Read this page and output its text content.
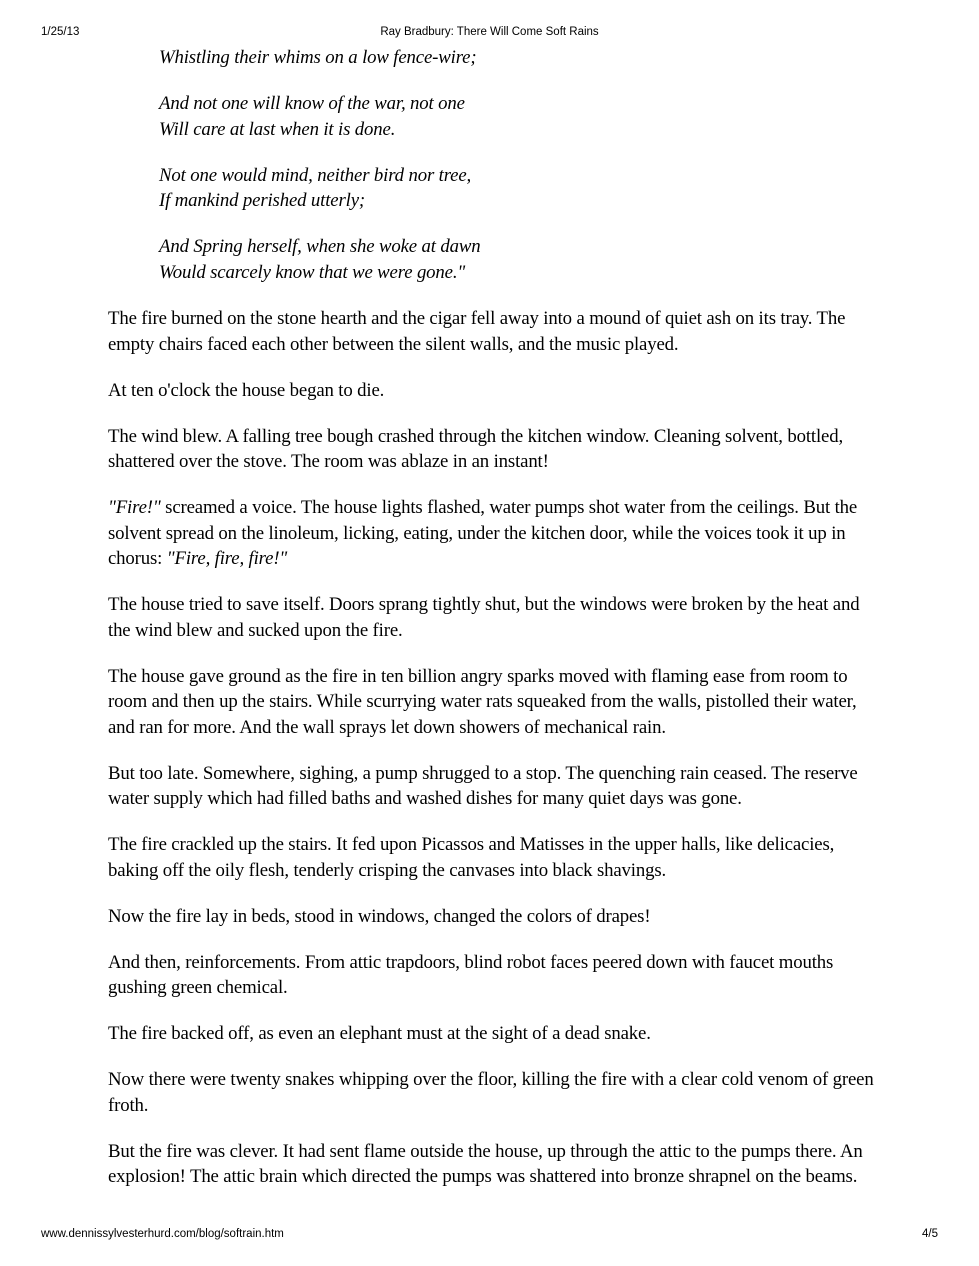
Ray Bradbury: There Will Come Soft Rains
1/25/13
Whistling their whims on a low fence-wire;
And not one will know of the war, not one
Will care at last when it is done.
Not one would mind, neither bird nor tree,
If mankind perished utterly;
And Spring herself, when she woke at dawn
Would scarcely know that we were gone."

The fire burned on the stone hearth and the cigar fell away into a mound of quiet ash on its tray. The empty chairs faced each other between the silent walls, and the music played.

At ten o'clock the house began to die.

The wind blew. A falling tree bough crashed through the kitchen window. Cleaning solvent, bottled, shattered over the stove. The room was ablaze in an instant!

"Fire!" screamed a voice. The house lights flashed, water pumps shot water from the ceilings. But the solvent spread on the linoleum, licking, eating, under the kitchen door, while the voices took it up in chorus: "Fire, fire, fire!"

The house tried to save itself. Doors sprang tightly shut, but the windows were broken by the heat and the wind blew and sucked upon the fire.

The house gave ground as the fire in ten billion angry sparks moved with flaming ease from room to room and then up the stairs. While scurrying water rats squeaked from the walls, pistolled their water, and ran for more. And the wall sprays let down showers of mechanical rain.

But too late. Somewhere, sighing, a pump shrugged to a stop. The quenching rain ceased. The reserve water supply which had filled baths and washed dishes for many quiet days was gone.

The fire crackled up the stairs. It fed upon Picassos and Matisses in the upper halls, like delicacies, baking off the oily flesh, tenderly crisping the canvases into black shavings.

Now the fire lay in beds, stood in windows, changed the colors of drapes!

And then, reinforcements. From attic trapdoors, blind robot faces peered down with faucet mouths gushing green chemical.

The fire backed off, as even an elephant must at the sight of a dead snake.

Now there were twenty snakes whipping over the floor, killing the fire with a clear cold venom of green froth.

But the fire was clever. It had sent flame outside the house, up through the attic to the pumps there. An explosion! The attic brain which directed the pumps was shattered into bronze shrapnel on the beams.

www.dennissylvesterhurd.com/blog/softrain.htm	4/5
